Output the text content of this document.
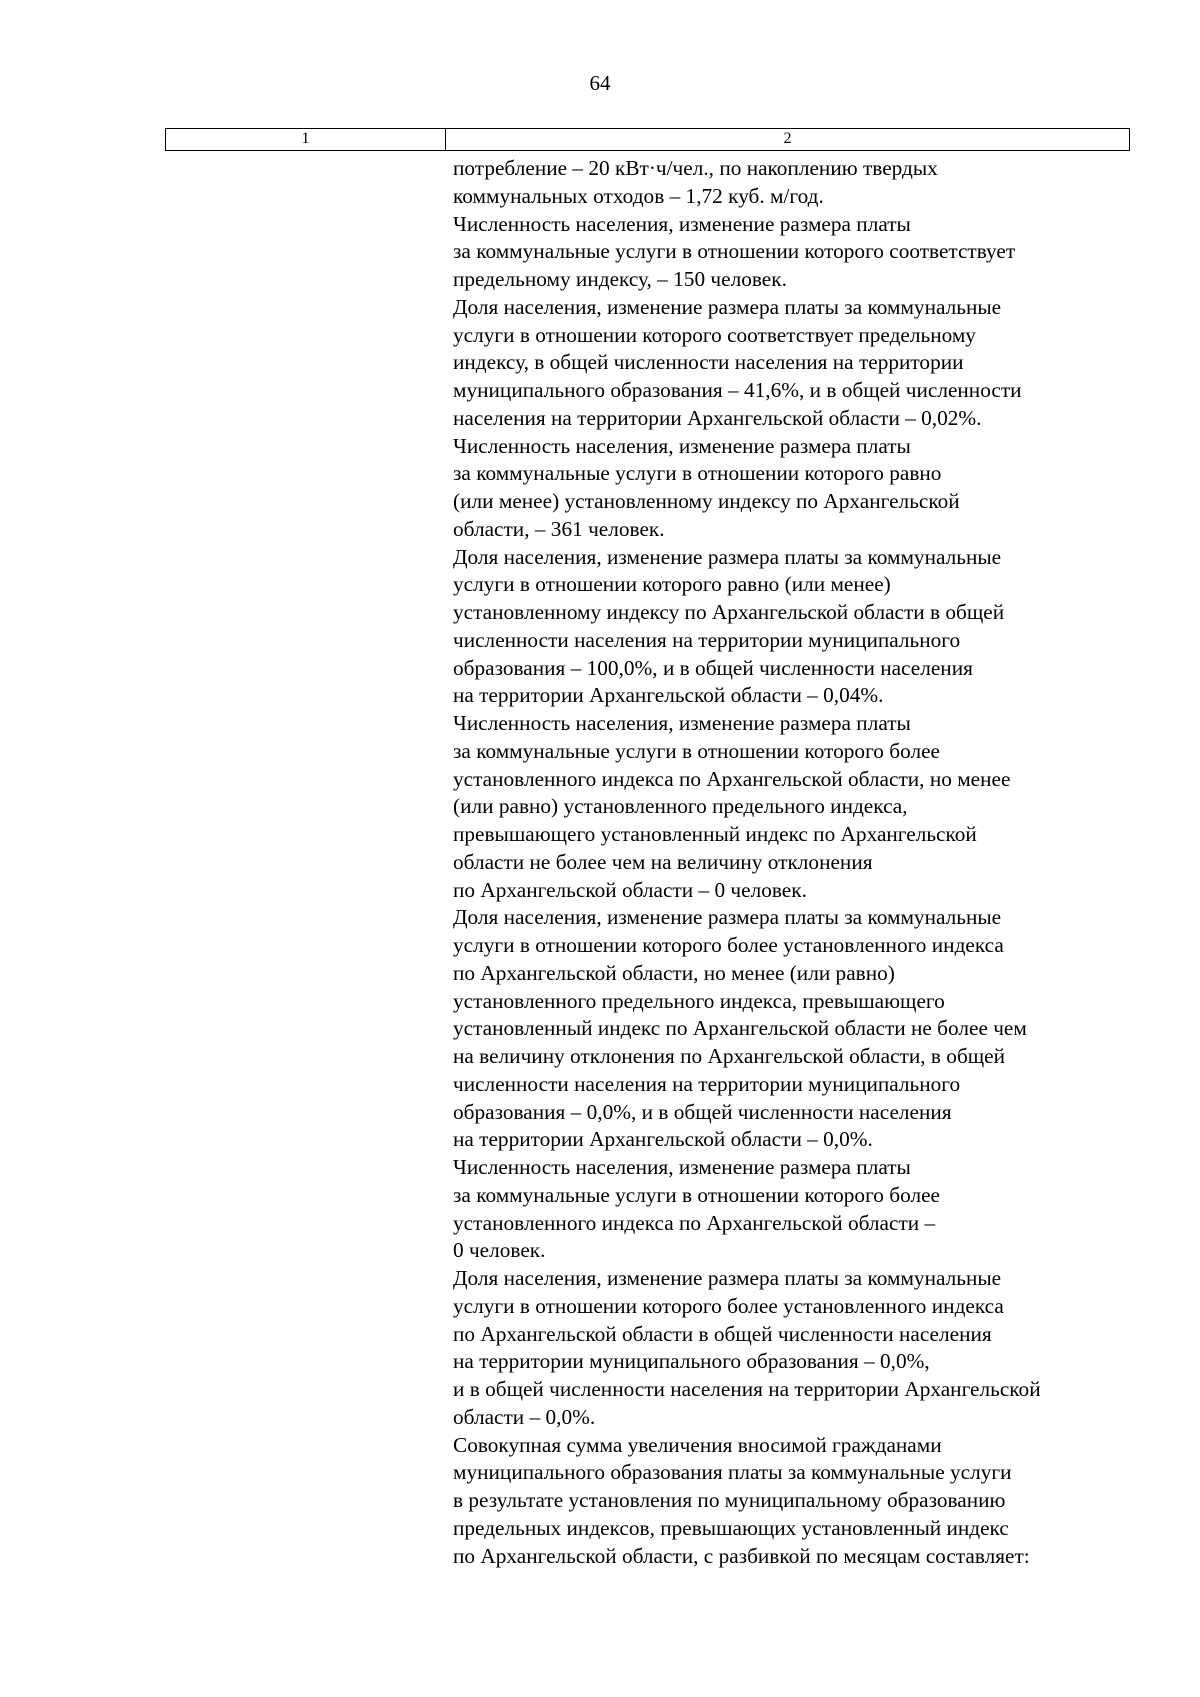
64
1	2
потребление – 20 кВт·ч/чел., по накоплению твердых
коммунальных отходов – 1,72 куб. м/год.
Численность населения, изменение размера платы
за коммунальные услуги в отношении которого соответствует
предельному индексу, – 150 человек.
Доля населения, изменение размера платы за коммунальные
услуги в отношении которого соответствует предельному
индексу, в общей численности населения на территории
муниципального образования – 41,6%, и в общей численности
населения на территории Архангельской области – 0,02%.
Численность населения, изменение размера платы
за коммунальные услуги в отношении которого равно
(или менее) установленному индексу по Архангельской
области, – 361 человек.
Доля населения, изменение размера платы за коммунальные
услуги в отношении которого равно (или менее)
установленному индексу по Архангельской области в общей
численности населения на территории муниципального
образования – 100,0%, и в общей численности населения
на территории Архангельской области – 0,04%.
Численность населения, изменение размера платы
за коммунальные услуги в отношении которого более
установленного индекса по Архангельской области, но менее
(или равно) установленного предельного индекса,
превышающего установленный индекс по Архангельской
области не более чем на величину отклонения
по Архангельской области – 0 человек.
Доля населения, изменение размера платы за коммунальные
услуги в отношении которого более установленного индекса
по Архангельской области, но менее (или равно)
установленного предельного индекса, превышающего
установленный индекс по Архангельской области не более чем
на величину отклонения по Архангельской области, в общей
численности населения на территории муниципального
образования – 0,0%, и в общей численности населения
на территории Архангельской области – 0,0%.
Численность населения, изменение размера платы
за коммунальные услуги в отношении которого более
установленного индекса по Архангельской области –
0 человек.
Доля населения, изменение размера платы за коммунальные
услуги в отношении которого более установленного индекса
по Архангельской области в общей численности населения
на территории муниципального образования – 0,0%,
и в общей численности населения на территории Архангельской
области – 0,0%.
Совокупная сумма увеличения вносимой гражданами
муниципального образования платы за коммунальные услуги
в результате установления по муниципальному образованию
предельных индексов, превышающих установленный индекс
по Архангельской области, с разбивкой по месяцам составляет:
